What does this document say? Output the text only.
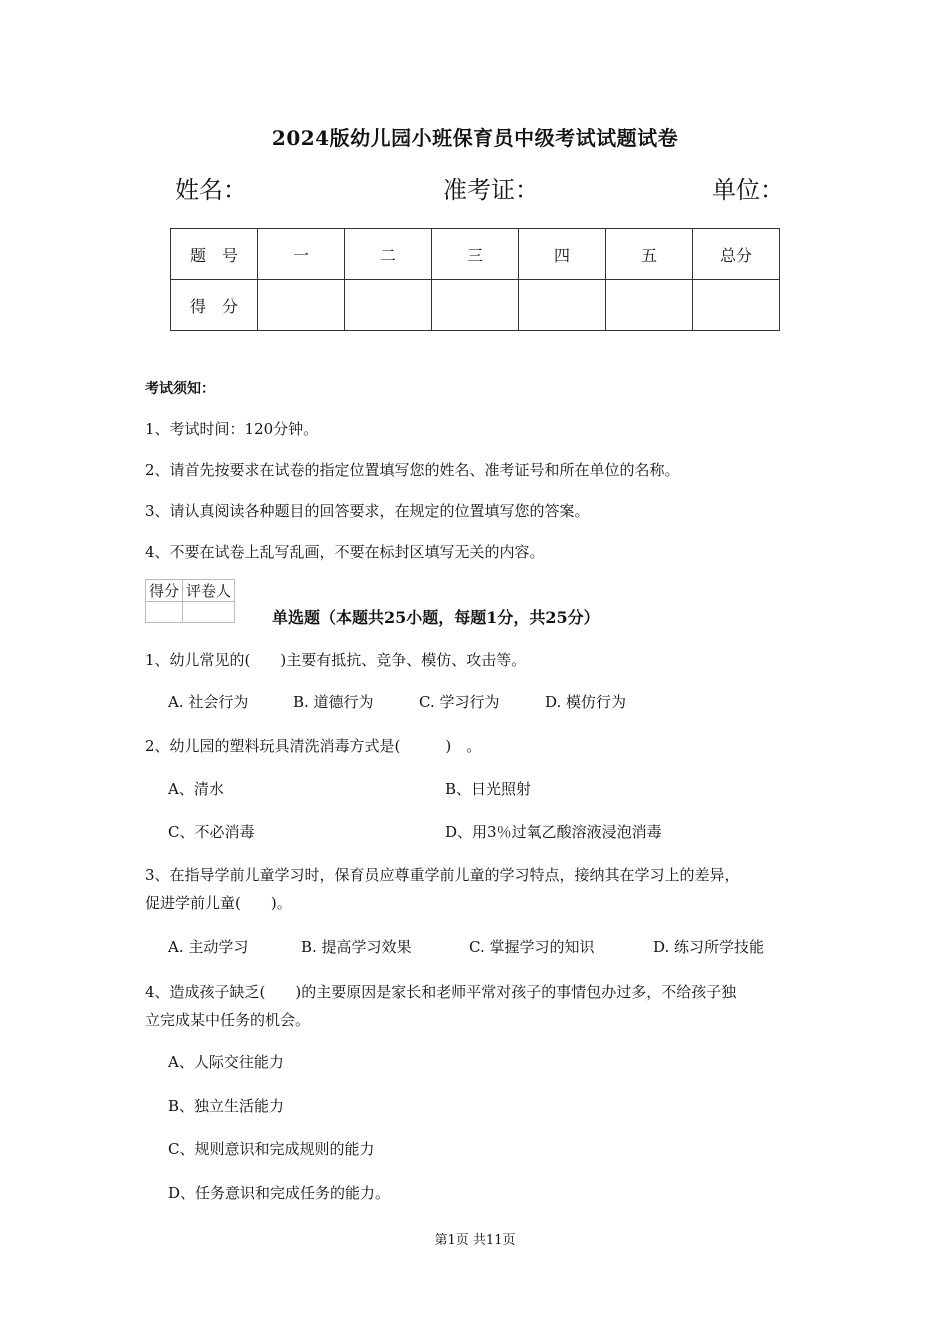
2024版幼儿园小班保育员中级考试试题试卷
姓名：	准考证：	单位：
题　号	一	二	三	四	五	总分
得　分						
考试须知：
1、考试时间：120分钟。
2、请首先按要求在试卷的指定位置填写您的姓名、准考证号和所在单位的名称。
3、请认真阅读各种题目的回答要求，在规定的位置填写您的答案。
4、不要在试卷上乱写乱画，不要在标封区填写无关的内容。
得分	评卷人

单选题（本题共25小题，每题1分，共25分）
1、幼儿常见的(　　)主要有抵抗、竞争、模仿、攻击等。
A. 社会行为	B. 道德行为	C. 学习行为	D. 模仿行为
2、幼儿园的塑料玩具清洗消毒方式是(　　　)　。
A、清水	B、日光照射
C、不必消毒	D、用3％过氧乙酸溶液浸泡消毒
3、在指导学前儿童学习时，保育员应尊重学前儿童的学习特点，接纳其在学习上的差异，
促进学前儿童(　　)。
A. 主动学习	B. 提高学习效果	C. 掌握学习的知识	D. 练习所学技能
4、造成孩子缺乏(　　)的主要原因是家长和老师平常对孩子的事情包办过多，不给孩子独
立完成某中任务的机会。
A、人际交往能力
B、独立生活能力
C、规则意识和完成规则的能力
D、任务意识和完成任务的能力。
第1页 共11页
